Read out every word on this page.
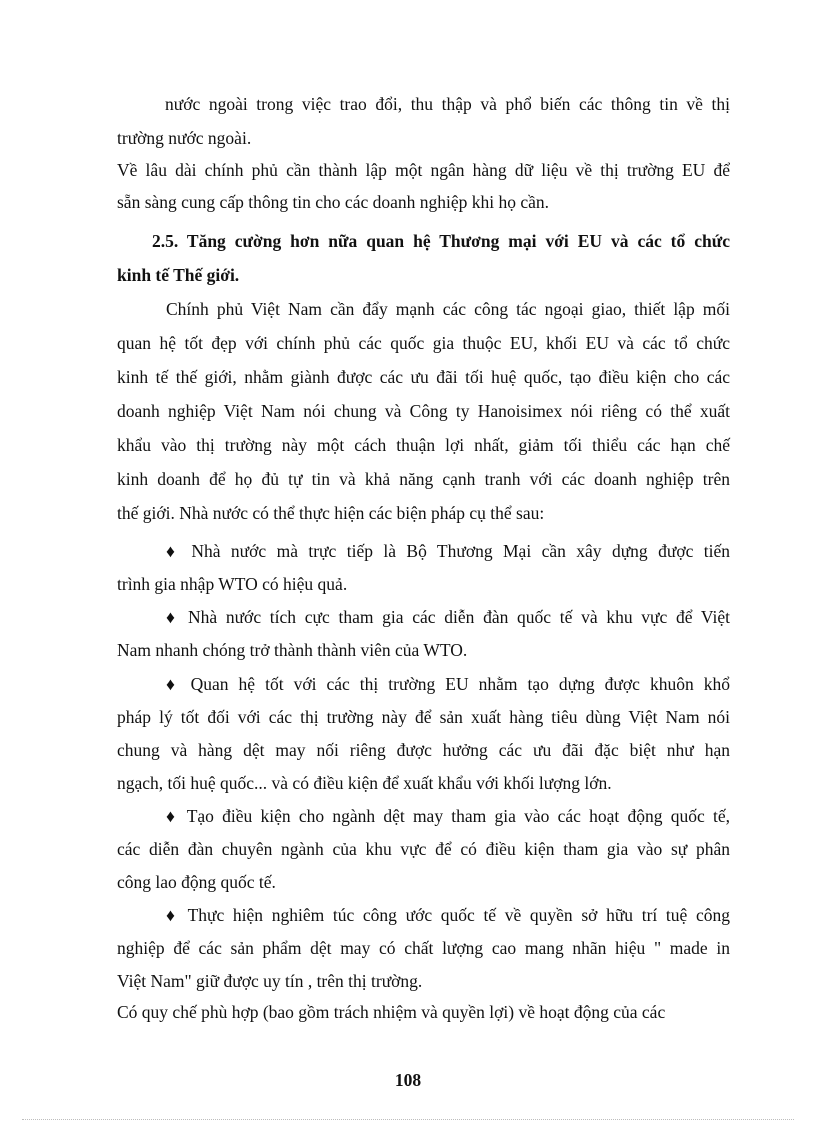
nước ngoài trong việc trao đổi, thu thập và phổ biến các thông tin về thị
trường nước ngoài.
Về lâu dài chính phủ cần thành lập một ngân hàng dữ liệu về thị trường EU để
sẵn sàng cung cấp thông tin cho các doanh nghiệp khi họ cần.
2.5. Tăng cường hơn nữa quan hệ Thương mại với EU và các tổ chức
kinh tế Thế giới.
Chính phủ Việt Nam cần đẩy mạnh các công tác ngoại giao, thiết lập mối
quan hệ tốt đẹp với chính phủ các quốc gia thuộc EU, khối EU và các tổ chức
kinh tế thế giới, nhằm giành được các ưu đãi tối huệ quốc, tạo điều kiện cho các
doanh nghiệp Việt Nam nói chung và Công ty Hanoisimex nói riêng có thể xuất
khẩu vào thị trường này một cách thuận lợi nhất, giảm tối thiểu các hạn chế
kinh doanh để họ đủ tự tin và khả năng cạnh tranh với các doanh nghiệp trên
thế giới. Nhà nước có thể thực hiện các biện pháp cụ thể sau:
♦ Nhà nước mà trực tiếp là Bộ Thương Mại cần xây dựng được tiến
trình gia nhập WTO có hiệu quả.
♦ Nhà nước tích cực tham gia các diễn đàn quốc tế và khu vực để Việt
Nam nhanh chóng trở thành thành viên của WTO.
♦ Quan hệ tốt với các thị trường EU nhằm tạo dựng được khuôn khổ
pháp lý tốt đối với các thị trường này để sản xuất hàng tiêu dùng Việt Nam nói
chung và hàng dệt may nối riêng được hưởng các ưu đãi đặc biệt như hạn
ngạch, tối huệ quốc... và có điều kiện để xuất khẩu với khối lượng lớn.
♦ Tạo điều kiện cho ngành dệt may tham gia vào các hoạt động quốc tế,
các diễn đàn chuyên ngành của khu vực để có điều kiện tham gia vào sự phân
công lao động quốc tế.
♦ Thực hiện nghiêm túc công ước quốc tế về quyền sở hữu trí tuệ công
nghiệp để các sản phẩm dệt may có chất lượng cao mang nhãn hiệu " made in
Việt Nam" giữ được uy tín , trên thị trường.
Có quy chế phù hợp (bao gồm trách nhiệm và quyền lợi) về hoạt động của các
108
